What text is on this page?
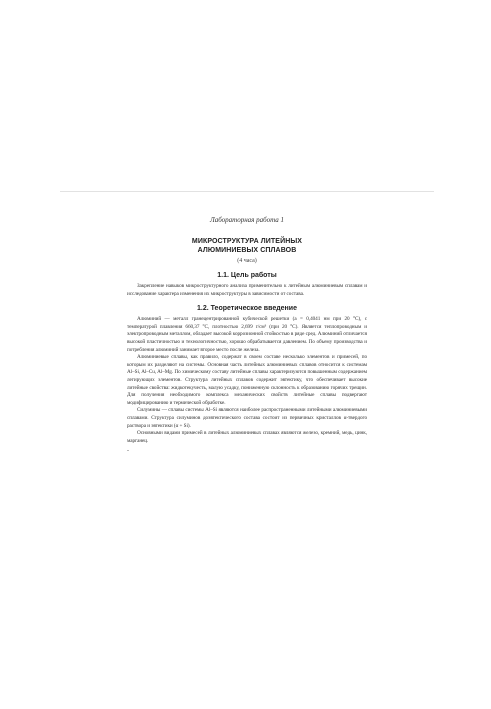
Лабораторная работа 1
МИКРОСТРУКТУРА ЛИТЕЙНЫХ
АЛЮМИНИЕВЫХ СПЛАВОВ
(4 часа)
1.1. Цель работы

Закрепление навыков микроструктурного анализа применительно к литейным алюминиевым сплавам и исследование характера изменения их микроструктуры в зависимости от состава.

1.2. Теоретическое введение

Алюминий — металл гранецентрированной кубической решетки (a = 0,4041 нм при 20 °С), с температурой плавления 660,37 °С, плотностью 2,699 г/см³ (при 20 °С). Является теплопроводным и электропроводным металлом, обладает высокой коррозионной стойкостью в ряде сред. Алюминий отличается высокой пластичностью и технологичностью, хорошо обрабатывается давлением. По объему производства и потребления алюминий занимает второе место после железа.

Алюминиевые сплавы, как правило, содержат в своем составе несколько элементов и примесей, по которым их разделяют на системы. Основная часть литейных алюминиевых сплавов относится к системам Al–Si, Al–Cu, Al–Mg. По химическому составу литейные сплавы характеризуются повышенным содержанием легирующих элементов. Структура литейных сплавов содержит эвтектику, что обеспечивает высокие литейные свойства: жидкотекучесть, малую усадку, пониженную склонность к образованию горячих трещин. Для получения необходимого комплекса механических свойств литейные сплавы подвергают модифицированию и термической обработке.

Силумины — сплавы системы Al–Si являются наиболее распространенными литейными алюминиевыми сплавами. Структура силуминов доэвтектического состава состоит из первичных кристаллов α-твердого раствора и эвтектики (α + Si).

Основными видами примесей в литейных алюминиевых сплавах являются железо, кремний, медь, цинк, марганец.

-
